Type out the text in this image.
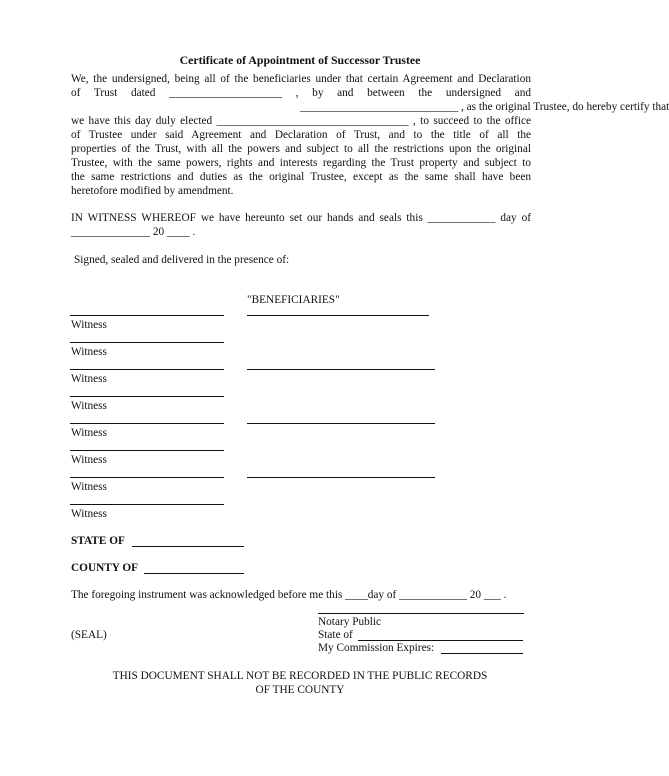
Certificate of Appointment of Successor Trustee
We, the undersigned, being all of the beneficiaries under that certain Agreement and Declaration
of Trust dated ____________________ , by and between the undersigned and
____________________________ , as the original Trustee, do hereby certify that
we have this day duly elected __________________________________ , to succeed to the office
of Trustee under said Agreement and Declaration of Trust, and to the title of all the
properties of the Trust, with all the powers and subject to all the restrictions upon the original
Trustee, with the same powers, rights and interests regarding the Trust property and subject to
the same restrictions and duties as the original Trustee, except as the same shall have been
heretofore modified by amendment.
IN WITNESS WHEREOF we have hereunto set our hands and seals this ____________ day of
______________ 20 ____ .
Signed, sealed and delivered in the presence of:
"BENEFICIARIES"
Witness
Witness
Witness
Witness
Witness
Witness
Witness
Witness
STATE OF
COUNTY OF
The foregoing instrument was acknowledged before me this ____day of ____________ 20 ___ .
Notary Public
State of
My Commission Expires:
(SEAL)
THIS DOCUMENT SHALL NOT BE RECORDED IN THE PUBLIC RECORDS
OF THE COUNTY
